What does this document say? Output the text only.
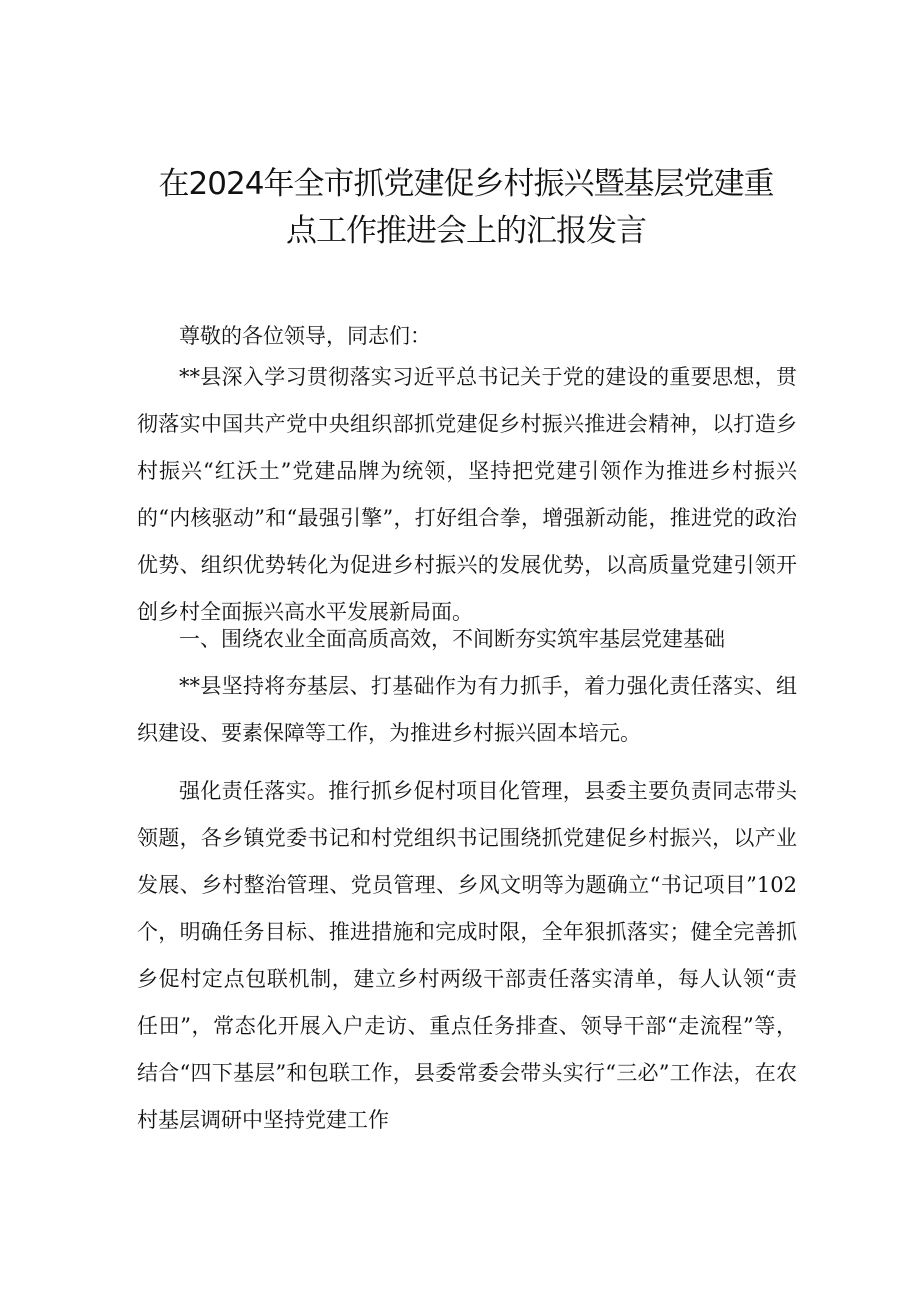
在2024年全市抓党建促乡村振兴暨基层党建重
点工作推进会上的汇报发言

尊敬的各位领导，同志们：

**县深入学习贯彻落实习近平总书记关于党的建设的重要思想，贯彻落实中国共产党中央组织部抓党建促乡村振兴推进会精神，以打造乡村振兴“红沃土”党建品牌为统领，坚持把党建引领作为推进乡村振兴的“内核驱动”和“最强引擎”，打好组合拳，增强新动能，推进党的政治优势、组织优势转化为促进乡村振兴的发展优势，以高质量党建引领开创乡村全面振兴高水平发展新局面。

一、围绕农业全面高质高效，不间断夯实筑牢基层党建基础

**县坚持将夯基层、打基础作为有力抓手，着力强化责任落实、组织建设、要素保障等工作，为推进乡村振兴固本培元。

强化责任落实。推行抓乡促村项目化管理，县委主要负责同志带头领题，各乡镇党委书记和村党组织书记围绕抓党建促乡村振兴，以产业发展、乡村整治管理、党员管理、乡风文明等为题确立“书记项目”102个，明确任务目标、推进措施和完成时限，全年狠抓落实；健全完善抓乡促村定点包联机制，建立乡村两级干部责任落实清单，每人认领“责任田”，常态化开展入户走访、重点任务排查、领导干部“走流程”等，结合“四下基层”和包联工作，县委常委会带头实行“三必”工作法，在农村基层调研中坚持党建工作
